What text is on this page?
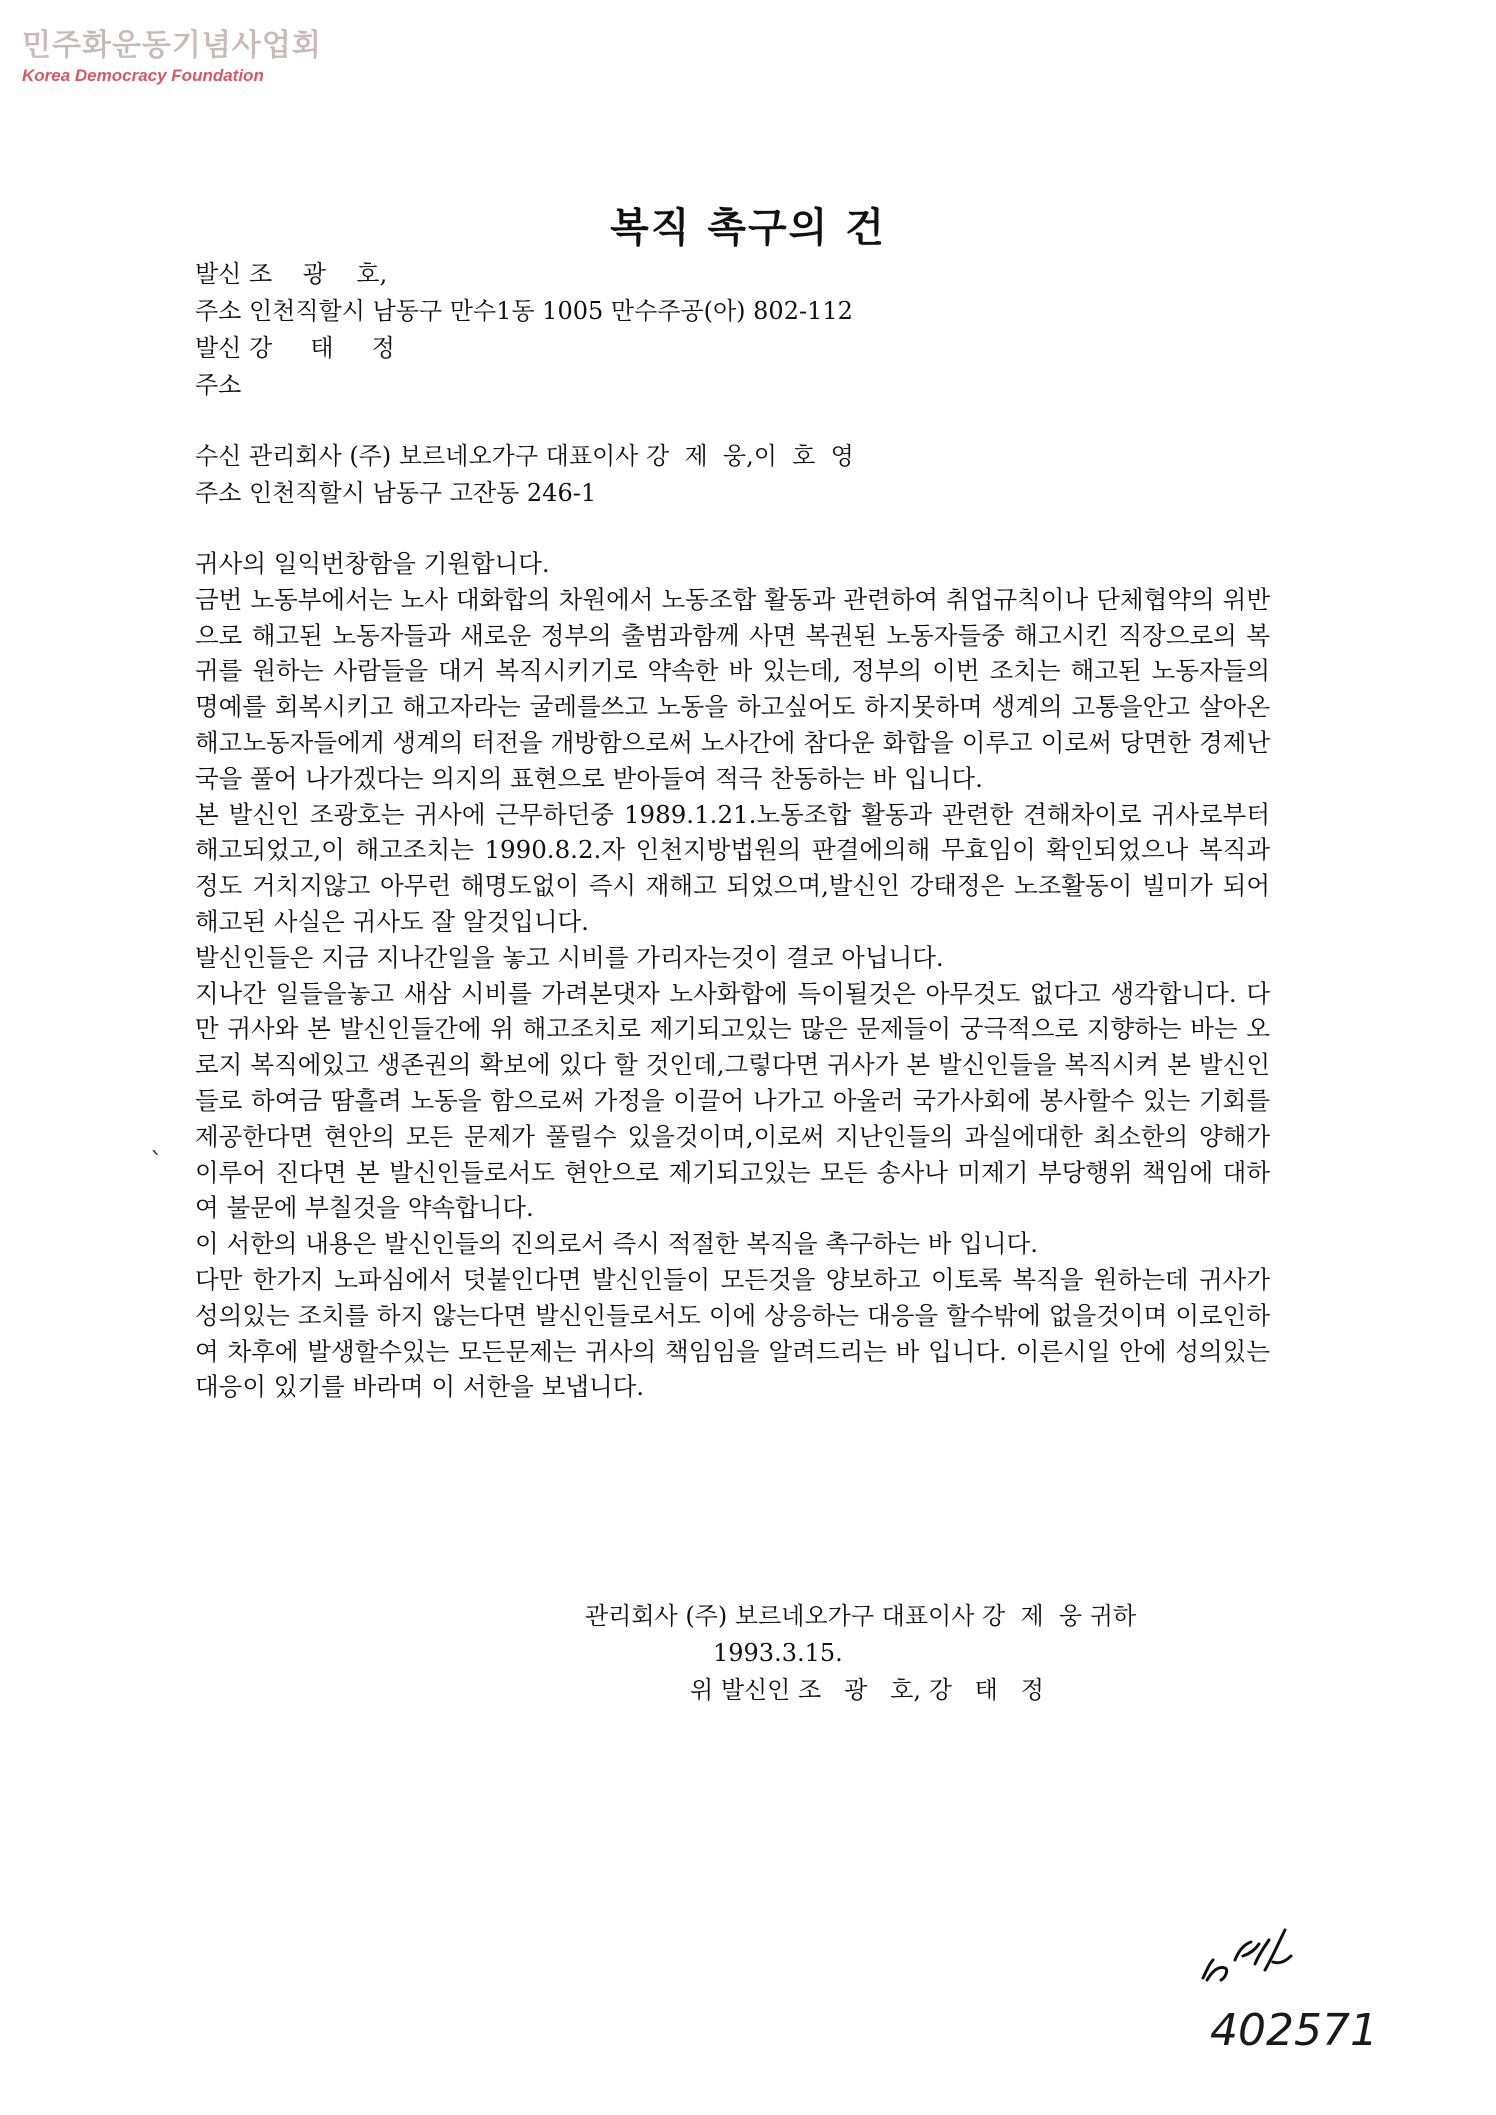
민주화운동기념사업회
Korea Democracy Foundation
복직 촉구의 건
발신 조    광    호,
주소 인천직할시 남동구 만수1동 1005 만수주공(아) 802-112
발신 강     태     정
주소
수신 관리회사 (주) 보르네오가구 대표이사 강  제  웅,이  호  영
주소 인천직할시 남동구 고잔동 246-1
귀사의 일익번창함을 기원합니다.
금번 노동부에서는 노사 대화합의 차원에서 노동조합 활동과 관련하여 취업규칙이나 단체협약의 위반으로 해고된 노동자들과 새로운 정부의 출범과함께 사면 복권된 노동자들중 해고시킨 직장으로의 복귀를 원하는 사람들을 대거 복직시키기로 약속한 바 있는데, 정부의 이번 조치는 해고된 노동자들의 명예를 회복시키고 해고자라는 굴레를쓰고 노동을 하고싶어도 하지못하며 생계의 고통을안고 살아온 해고노동자들에게 생계의 터전을 개방함으로써 노사간에 참다운 화합을 이루고 이로써 당면한 경제난국을 풀어 나가겠다는 의지의 표현으로 받아들여 적극 찬동하는 바 입니다.
본 발신인 조광호는 귀사에 근무하던중 1989.1.21.노동조합 활동과 관련한 견해차이로 귀사로부터 해고되었고,이 해고조치는 1990.8.2.자 인천지방법원의 판결에의해 무효임이 확인되었으나 복직과정도 거치지않고 아무런 해명도없이 즉시 재해고 되었으며,발신인 강태정은 노조활동이 빌미가 되어 해고된 사실은 귀사도 잘 알것입니다.
발신인들은 지금 지나간일을 놓고 시비를 가리자는것이 결코 아닙니다.
지나간 일들을놓고 새삼 시비를 가려본댓자 노사화합에 득이될것은 아무것도 없다고 생각합니다. 다만 귀사와 본 발신인들간에 위 해고조치로 제기되고있는 많은 문제들이 궁극적으로 지향하는 바는 오로지 복직에있고 생존권의 확보에 있다 할 것인데,그렇다면 귀사가 본 발신인들을 복직시켜 본 발신인들로 하여금 땀흘려 노동을 함으로써 가정을 이끌어 나가고 아울러 국가사회에 봉사할수 있는 기회를 제공한다면 현안의 모든 문제가 풀릴수 있을것이며,이로써 지난인들의 과실에대한 최소한의 양해가 이루어 진다면 본 발신인들로서도 현안으로 제기되고있는 모든 송사나 미제기 부당행위 책임에 대하여 불문에 부칠것을 약속합니다.
이 서한의 내용은 발신인들의 진의로서 즉시 적절한 복직을 촉구하는 바 입니다.
다만 한가지 노파심에서 덧붙인다면 발신인들이 모든것을 양보하고 이토록 복직을 원하는데 귀사가 성의있는 조치를 하지 않는다면 발신인들로서도 이에 상응하는 대응을 할수밖에 없을것이며 이로인하여 차후에 발생할수있는 모든문제는 귀사의 책임임을 알려드리는 바 입니다. 이른시일 안에 성의있는 대응이 있기를 바라며 이 서한을 보냅니다.
`
관리회사 (주) 보르네오가구 대표이사 강  제  웅 귀하
1993.3.15.
위 발신인 조   광   호, 강   태   정
402571
